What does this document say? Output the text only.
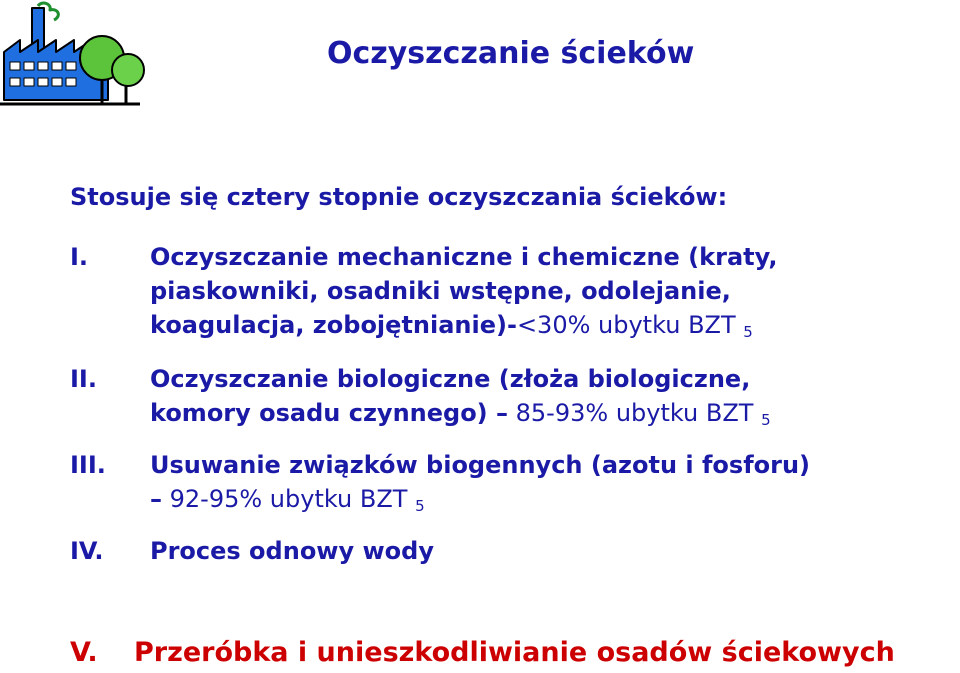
Oczyszczanie ścieków
Stosuje się cztery stopnie oczyszczania ścieków:
I.	Oczyszczanie mechaniczne i chemiczne (kraty,
piaskowniki, osadniki wstępne, odolejanie,
koagulacja, zobojętnianie)-<30% ubytku BZT $_5$
II. Oczyszczanie biologiczne (złoża biologiczne,
komory osadu czynnego) – 85-93% ubytku BZT $_5$
III. Usuwanie związków biogennych (azotu i fosforu)
– 92-95% ubytku BZT $_5$
IV. Proces odnowy wody
V. Przeróbka i unieszkodliwianie osadów ściekowych
